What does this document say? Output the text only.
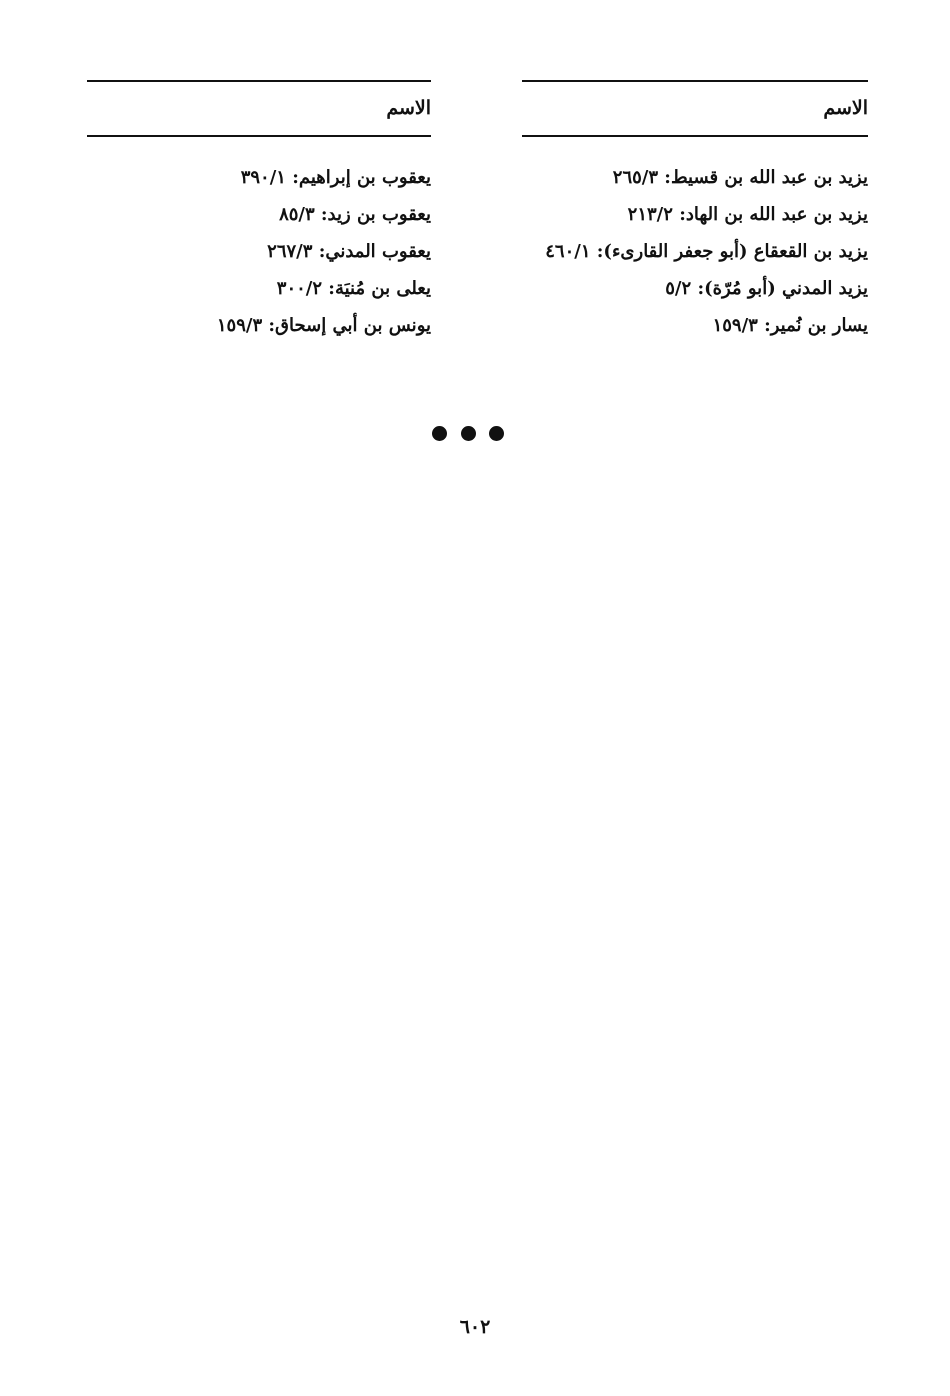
الاسم
يزيد بن عبد الله بن قسيط: ٢٦٥/٣
يزيد بن عبد الله بن الهاد: ٢١٣/٢
يزيد بن القعقاع (أبو جعفر القارىء): ٤٦٠/١
يزيد المدني (أبو مُرّة): ٥/٢
يسار بن نُمير: ١٥٩/٣
الاسم
يعقوب بن إبراهيم: ٣٩٠/١
يعقوب بن زيد: ٨٥/٣
يعقوب المدني: ٢٦٧/٣
يعلى بن مُنيَة: ٣٠٠/٢
يونس بن أبي إسحاق: ١٥٩/٣
٦٠٢
